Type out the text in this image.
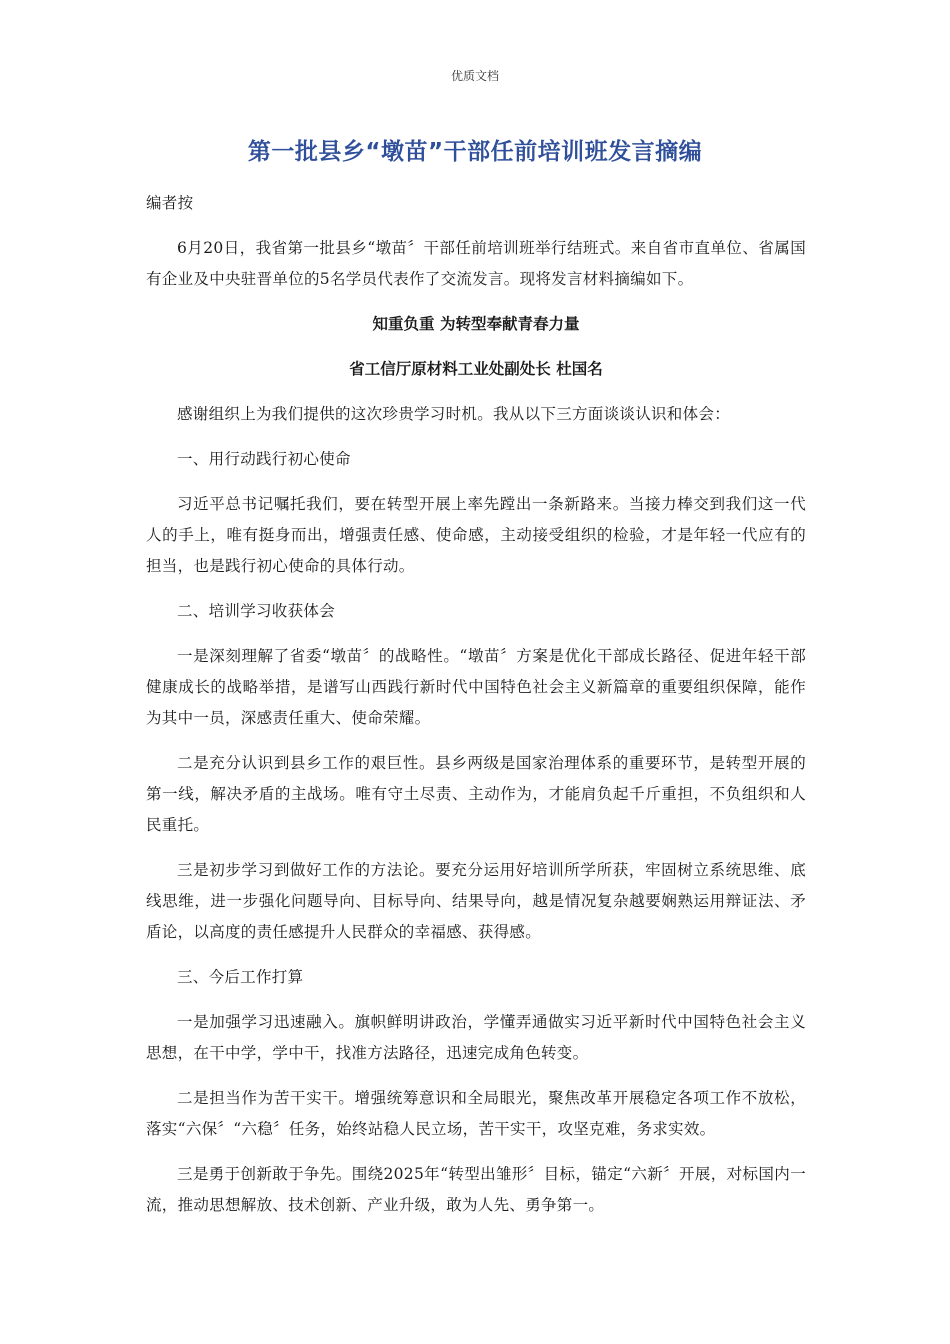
优质文档
第一批县乡“墩苗”干部任前培训班发言摘编

编者按

6月20日，我省第一批县乡“墩苗〞干部任前培训班举行结班式。来自省市直单位、省属国有企业及中央驻晋单位的5名学员代表作了交流发言。现将发言材料摘编如下。

知重负重 为转型奉献青春力量

省工信厅原材料工业处副处长 杜国名

感谢组织上为我们提供的这次珍贵学习时机。我从以下三方面谈谈认识和体会：

一、用行动践行初心使命

习近平总书记嘱托我们，要在转型开展上率先蹚出一条新路来。当接力棒交到我们这一代人的手上，唯有挺身而出，增强责任感、使命感，主动接受组织的检验，才是年轻一代应有的担当，也是践行初心使命的具体行动。

二、培训学习收获体会

一是深刻理解了省委“墩苗〞的战略性。“墩苗〞方案是优化干部成长路径、促进年轻干部健康成长的战略举措，是谱写山西践行新时代中国特色社会主义新篇章的重要组织保障，能作为其中一员，深感责任重大、使命荣耀。

二是充分认识到县乡工作的艰巨性。县乡两级是国家治理体系的重要环节，是转型开展的第一线，解决矛盾的主战场。唯有守土尽责、主动作为，才能肩负起千斤重担，不负组织和人民重托。

三是初步学习到做好工作的方法论。要充分运用好培训所学所获，牢固树立系统思维、底线思维，进一步强化问题导向、目标导向、结果导向，越是情况复杂越要娴熟运用辩证法、矛盾论，以高度的责任感提升人民群众的幸福感、获得感。

三、今后工作打算

一是加强学习迅速融入。旗帜鲜明讲政治，学懂弄通做实习近平新时代中国特色社会主义思想，在干中学，学中干，找准方法路径，迅速完成角色转变。

二是担当作为苦干实干。增强统筹意识和全局眼光，聚焦改革开展稳定各项工作不放松，落实“六保〞“六稳〞任务，始终站稳人民立场，苦干实干，攻坚克难，务求实效。

三是勇于创新敢于争先。围绕2025年“转型出雏形〞目标，锚定“六新〞开展，对标国内一流，推动思想解放、技术创新、产业升级，敢为人先、勇争第一。
